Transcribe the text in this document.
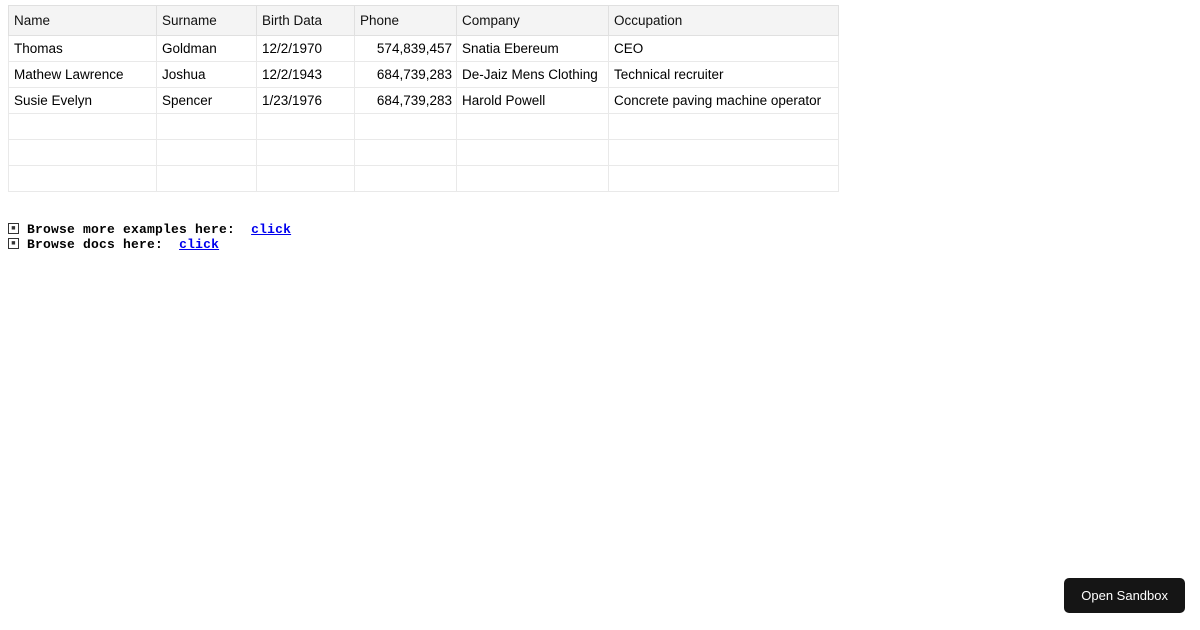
Name	Surname	Birth Data	Phone	Company	Occupation
Thomas	Goldman	12/2/1970	574,839,457	Snatia Ebereum	CEO
Mathew Lawrence	Joshua	12/2/1943	684,739,283	De-Jaiz Mens Clothing	Technical recruiter
Susie Evelyn	Spencer	1/23/1976	684,739,283	Harold Powell	Concrete paving machine operator

■ Browse more examples here: click
■ Browse docs here: click
Open Sandbox
